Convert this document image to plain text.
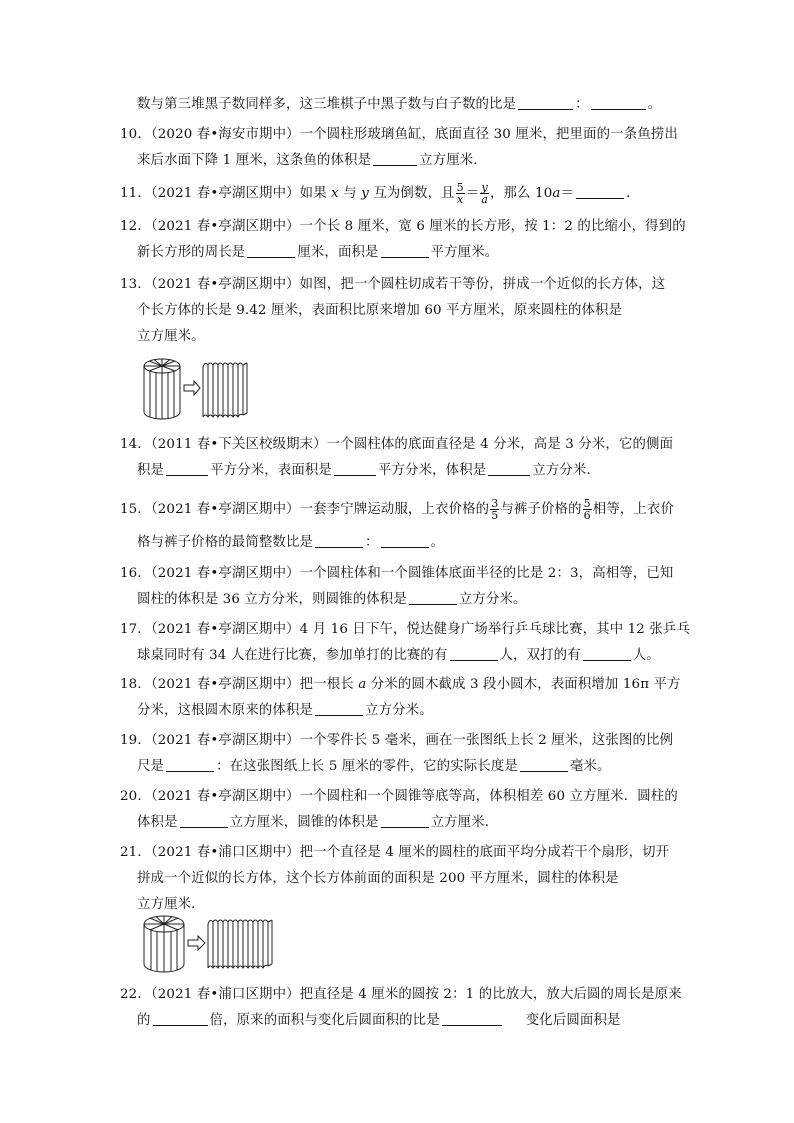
数与第三堆黑子数同样多，这三堆棋子中黑子数与白子数的比是	：	。
10．（2020 春•海安市期中）一个圆柱形玻璃鱼缸，底面直径 30 厘米，把里面的一条鱼捞出
来后水面下降 1 厘米，这条鱼的体积是	立方厘米．
11．（2021 春•亭湖区期中）如果 x 与 y 互为倒数，且 $\frac{5}{x} = \frac{y}{a}$ ，那么 10a＝	．
12．（2021 春•亭湖区期中）一个长 8 厘米，宽 6 厘米的长方形，按 1：2 的比缩小，得到的
新长方形的周长是	厘米，面积是	平方厘米。
13．（2021 春•亭湖区期中）如图，把一个圆柱切成若干等份，拼成一个近似的长方体，这
个长方体的长是 9.42 厘米，表面积比原来增加 60 平方厘米，原来圆柱的体积是
立方厘米。
14．（2011 春•下关区校级期末）一个圆柱体的底面直径是 4 分米，高是 3 分米，它的侧面
积是	平方分米，表面积是	平方分米，体积是	立方分米．
15．（2021 春•亭湖区期中）一套李宁牌运动服，上衣价格的 $\frac{3}{5}$ 与裤子价格的 $\frac{5}{6}$ 相等，上衣价
格与裤子价格的最简整数比是	：	。
16．（2021 春•亭湖区期中）一个圆柱体和一个圆锥体底面半径的比是 2：3，高相等，已知
圆柱的体积是 36 立方分米，则圆锥的体积是	立方分米。
17．（2021 春•亭湖区期中）4 月 16 日下午，悦达健身广场举行乒乓球比赛，其中 12 张乒乓
球桌同时有 34 人在进行比赛，参加单打的比赛的有	人，双打的有	人。
18．（2021 春•亭湖区期中）把一根长 a 分米的圆木截成 3 段小圆木，表面积增加 16π 平方
分米，这根圆木原来的体积是	立方分米。
19．（2021 春•亭湖区期中）一个零件长 5 毫米，画在一张图纸上长 2 厘米，这张图的比例
尺是	：在这张图纸上长 5 厘米的零件，它的实际长度是	毫米。
20．（2021 春•亭湖区期中）一个圆柱和一个圆锥等底等高，体积相差 60 立方厘米．圆柱的
体积是	立方厘米，圆锥的体积是	立方厘米．
21．（2021 春•浦口区期中）把一个直径是 4 厘米的圆柱的底面平均分成若干个扇形，切开
拼成一个近似的长方体，这个长方体前面的面积是 200 平方厘米，圆柱的体积是
立方厘米．
22．（2021 春•浦口区期中）把直径是 4 厘米的圆按 2：1 的比放大，放大后圆的周长是原来
的	倍，原来的面积与变化后圆面积的比是	变化后圆面积是
